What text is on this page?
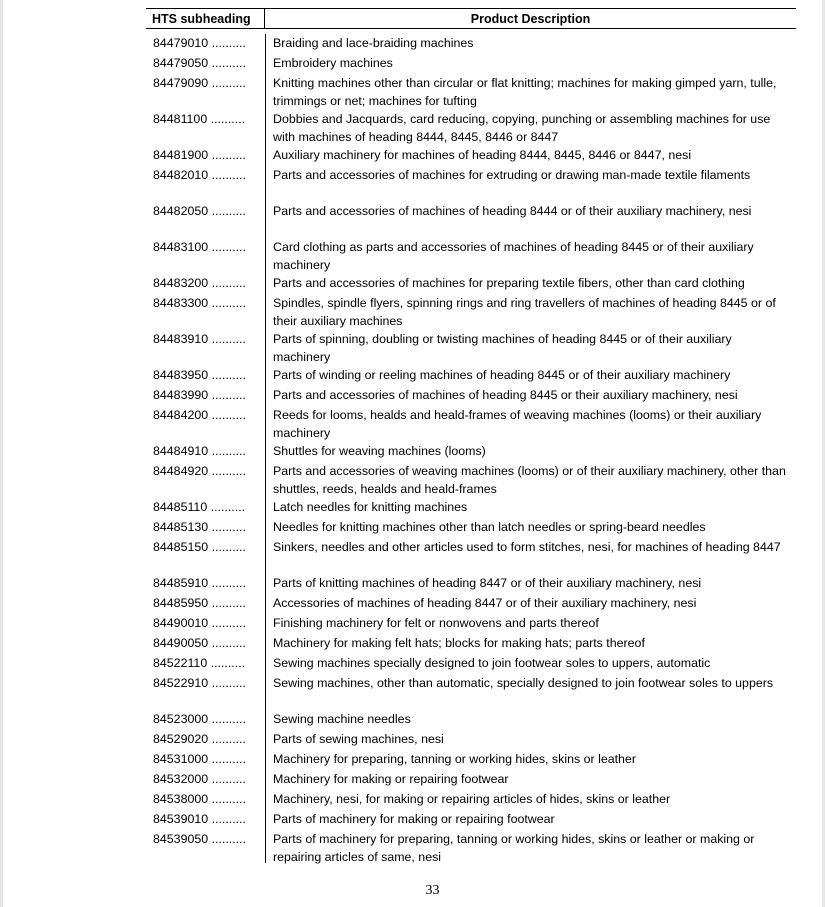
HTS subheading	Product Description
84479010 ..........	Braiding and lace-braiding machines
84479050 ..........	Embroidery machines
84479090 ..........	Knitting machines other than circular or flat knitting; machines for making gimped yarn, tulle, trimmings or net; machines for tufting
84481100 ..........	Dobbies and Jacquards, card reducing, copying, punching or assembling machines for use with machines of heading 8444, 8445, 8446 or 8447
84481900 ..........	Auxiliary machinery for machines of heading 8444, 8445, 8446 or 8447, nesi
84482010 ..........	Parts and accessories of machines for extruding or drawing man-made textile filaments
84482050 ..........	Parts and accessories of machines of heading 8444 or of their auxiliary machinery, nesi
84483100 ..........	Card clothing as parts and accessories of machines of heading 8445 or of their auxiliary machinery
84483200 ..........	Parts and accessories of machines for preparing textile fibers, other than card clothing
84483300 ..........	Spindles, spindle flyers, spinning rings and ring travellers of machines of heading 8445 or of their auxiliary machines
84483910 ..........	Parts of spinning, doubling or twisting machines of heading 8445 or of their auxiliary machinery
84483950 ..........	Parts of winding or reeling machines of heading 8445 or of their auxiliary machinery
84483990 ..........	Parts and accessories of machines of heading 8445 or their auxiliary machinery, nesi
84484200 ..........	Reeds for looms, healds and heald-frames of weaving machines (looms) or their auxiliary machinery
84484910 ..........	Shuttles for weaving machines (looms)
84484920 ..........	Parts and accessories of weaving machines (looms) or of their auxiliary machinery, other than shuttles, reeds, healds and heald-frames
84485110 ..........	Latch needles for knitting machines
84485130 ..........	Needles for knitting machines other than latch needles or spring-beard needles
84485150 ..........	Sinkers, needles and other articles used to form stitches, nesi, for machines of heading 8447
84485910 ..........	Parts of knitting machines of heading 8447 or of their auxiliary machinery, nesi
84485950 ..........	Accessories of machines of heading 8447 or of their auxiliary machinery, nesi
84490010 ..........	Finishing machinery for felt or nonwovens and parts thereof
84490050 ..........	Machinery for making felt hats; blocks for making hats; parts thereof
84522110 ..........	Sewing machines specially designed to join footwear soles to uppers, automatic
84522910 ..........	Sewing machines, other than automatic, specially designed to join footwear soles to uppers
84523000 ..........	Sewing machine needles
84529020 ..........	Parts of sewing machines, nesi
84531000 ..........	Machinery for preparing, tanning or working hides, skins or leather
84532000 ..........	Machinery for making or repairing footwear
84538000 ..........	Machinery, nesi, for making or repairing articles of hides, skins or leather
84539010 ..........	Parts of machinery for making or repairing footwear
84539050 ..........	Parts of machinery for preparing, tanning or working hides, skins or leather or making or repairing articles of same, nesi
33
